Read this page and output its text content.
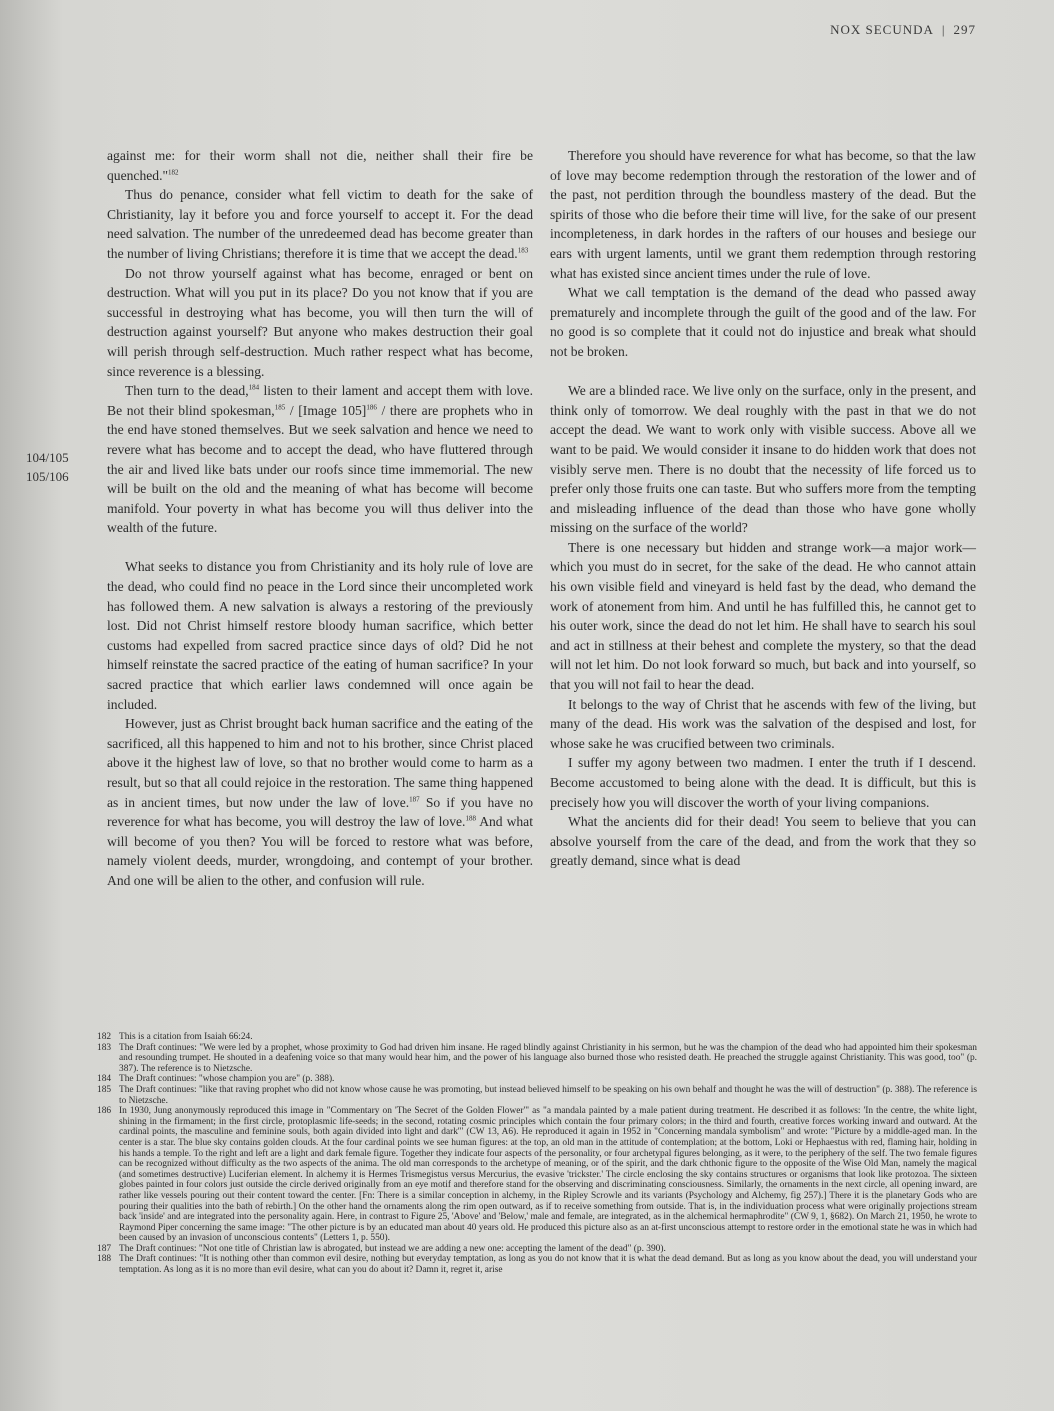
NOX SECUNDA | 297
104/105
105/106

against me: for their worm shall not die, neither shall their fire be quenched."$^{182}$

Thus do penance, consider what fell victim to death for the sake of Christianity, lay it before you and force yourself to accept it. For the dead need salvation. The number of the unredeemed dead has become greater than the number of living Christians; therefore it is time that we accept the dead.$^{183}$

Do not throw yourself against what has become, enraged or bent on destruction. What will you put in its place? Do you not know that if you are successful in destroying what has become, you will then turn the will of destruction against yourself? But anyone who makes destruction their goal will perish through self-destruction. Much rather respect what has become, since reverence is a blessing.

Then turn to the dead,$^{184}$ listen to their lament and accept them with love. Be not their blind spokesman,$^{185}$ / [Image 105]$^{186}$ / there are prophets who in the end have stoned themselves. But we seek salvation and hence we need to revere what has become and to accept the dead, who have fluttered through the air and lived like bats under our roofs since time immemorial. The new will be built on the old and the meaning of what has become will become manifold. Your poverty in what has become you will thus deliver into the wealth of the future.

What seeks to distance you from Christianity and its holy rule of love are the dead, who could find no peace in the Lord since their uncompleted work has followed them. A new salvation is always a restoring of the previously lost. Did not Christ himself restore bloody human sacrifice, which better customs had expelled from sacred practice since days of old? Did he not himself reinstate the sacred practice of the eating of human sacrifice? In your sacred practice that which earlier laws condemned will once again be included.

However, just as Christ brought back human sacrifice and the eating of the sacrificed, all this happened to him and not to his brother, since Christ placed above it the highest law of love, so that no brother would come to harm as a result, but so that all could rejoice in the restoration. The same thing happened as in ancient times, but now under the law of love.$^{187}$ So if you have no reverence for what has become, you will destroy the law of love.$^{188}$ And what will become of you then? You will be forced to restore what was before, namely violent deeds, murder, wrongdoing, and contempt of your brother. And one will be alien to the other, and confusion will rule.

Therefore you should have reverence for what has become, so that the law of love may become redemption through the restoration of the lower and of the past, not perdition through the boundless mastery of the dead. But the spirits of those who die before their time will live, for the sake of our present incompleteness, in dark hordes in the rafters of our houses and besiege our ears with urgent laments, until we grant them redemption through restoring what has existed since ancient times under the rule of love.

What we call temptation is the demand of the dead who passed away prematurely and incomplete through the guilt of the good and of the law. For no good is so complete that it could not do injustice and break what should not be broken.

We are a blinded race. We live only on the surface, only in the present, and think only of tomorrow. We deal roughly with the past in that we do not accept the dead. We want to work only with visible success. Above all we want to be paid. We would consider it insane to do hidden work that does not visibly serve men. There is no doubt that the necessity of life forced us to prefer only those fruits one can taste. But who suffers more from the tempting and misleading influence of the dead than those who have gone wholly missing on the surface of the world?

There is one necessary but hidden and strange work—a major work—which you must do in secret, for the sake of the dead. He who cannot attain his own visible field and vineyard is held fast by the dead, who demand the work of atonement from him. And until he has fulfilled this, he cannot get to his outer work, since the dead do not let him. He shall have to search his soul and act in stillness at their behest and complete the mystery, so that the dead will not let him. Do not look forward so much, but back and into yourself, so that you will not fail to hear the dead.

It belongs to the way of Christ that he ascends with few of the living, but many of the dead. His work was the salvation of the despised and lost, for whose sake he was crucified between two criminals.

I suffer my agony between two madmen. I enter the truth if I descend. Become accustomed to being alone with the dead. It is difficult, but this is precisely how you will discover the worth of your living companions.

What the ancients did for their dead! You seem to believe that you can absolve yourself from the care of the dead, and from the work that they so greatly demand, since what is dead

182 This is a citation from Isaiah 66:24.

183 The Draft continues: "We were led by a prophet, whose proximity to God had driven him insane. He raged blindly against Christianity in his sermon, but he was the champion of the dead who had appointed him their spokesman and resounding trumpet. He shouted in a deafening voice so that many would hear him, and the power of his language also burned those who resisted death. He preached the struggle against Christianity. This was good, too" (p. 387). The reference is to Nietzsche.

184 The Draft continues: "whose champion you are" (p. 388).

185 The Draft continues: "like that raving prophet who did not know whose cause he was promoting, but instead believed himself to be speaking on his own behalf and thought he was the will of destruction" (p. 388). The reference is to Nietzsche.

186 In 1930, Jung anonymously reproduced this image in "Commentary on 'The Secret of the Golden Flower'" as "a mandala painted by a male patient during treatment. He described it as follows: 'In the centre, the white light, shining in the firmament; in the first circle, protoplasmic life-seeds; in the second, rotating cosmic principles which contain the four primary colors; in the third and fourth, creative forces working inward and outward. At the cardinal points, the masculine and feminine souls, both again divided into light and dark'" (CW 13, A6). He reproduced it again in 1952 in "Concerning mandala symbolism" and wrote: "Picture by a middle-aged man. In the center is a star. The blue sky contains golden clouds. At the four cardinal points we see human figures: at the top, an old man in the attitude of contemplation; at the bottom, Loki or Hephaestus with red, flaming hair, holding in his hands a temple. To the right and left are a light and dark female figure. Together they indicate four aspects of the personality, or four archetypal figures belonging, as it were, to the periphery of the self. The two female figures can be recognized without difficulty as the two aspects of the anima. The old man corresponds to the archetype of meaning, or of the spirit, and the dark chthonic figure to the opposite of the Wise Old Man, namely the magical (and sometimes destructive) Luciferian element. In alchemy it is Hermes Trismegistus versus Mercurius, the evasive 'trickster.' The circle enclosing the sky contains structures or organisms that look like protozoa. The sixteen globes painted in four colors just outside the circle derived originally from an eye motif and therefore stand for the observing and discriminating consciousness. Similarly, the ornaments in the next circle, all opening inward, are rather like vessels pouring out their content toward the center. [Fn: There is a similar conception in alchemy, in the Ripley Scrowle and its variants (Psychology and Alchemy, fig 257).] There it is the planetary Gods who are pouring their qualities into the bath of rebirth.] On the other hand the ornaments along the rim open outward, as if to receive something from outside. That is, in the individuation process what were originally projections stream back 'inside' and are integrated into the personality again. Here, in contrast to Figure 25, 'Above' and 'Below,' male and female, are integrated, as in the alchemical hermaphrodite" (CW 9, 1, §682). On March 21, 1950, he wrote to Raymond Piper concerning the same image: "The other picture is by an educated man about 40 years old. He produced this picture also as an at-first unconscious attempt to restore order in the emotional state he was in which had been caused by an invasion of unconscious contents" (Letters 1, p. 550).

187 The Draft continues: "Not one title of Christian law is abrogated, but instead we are adding a new one: accepting the lament of the dead" (p. 390).

188 The Draft continues: "It is nothing other than common evil desire, nothing but everyday temptation, as long as you do not know that it is what the dead demand. But as long as you know about the dead, you will understand your temptation. As long as it is no more than evil desire, what can you do about it? Damn it, regret it, arise
